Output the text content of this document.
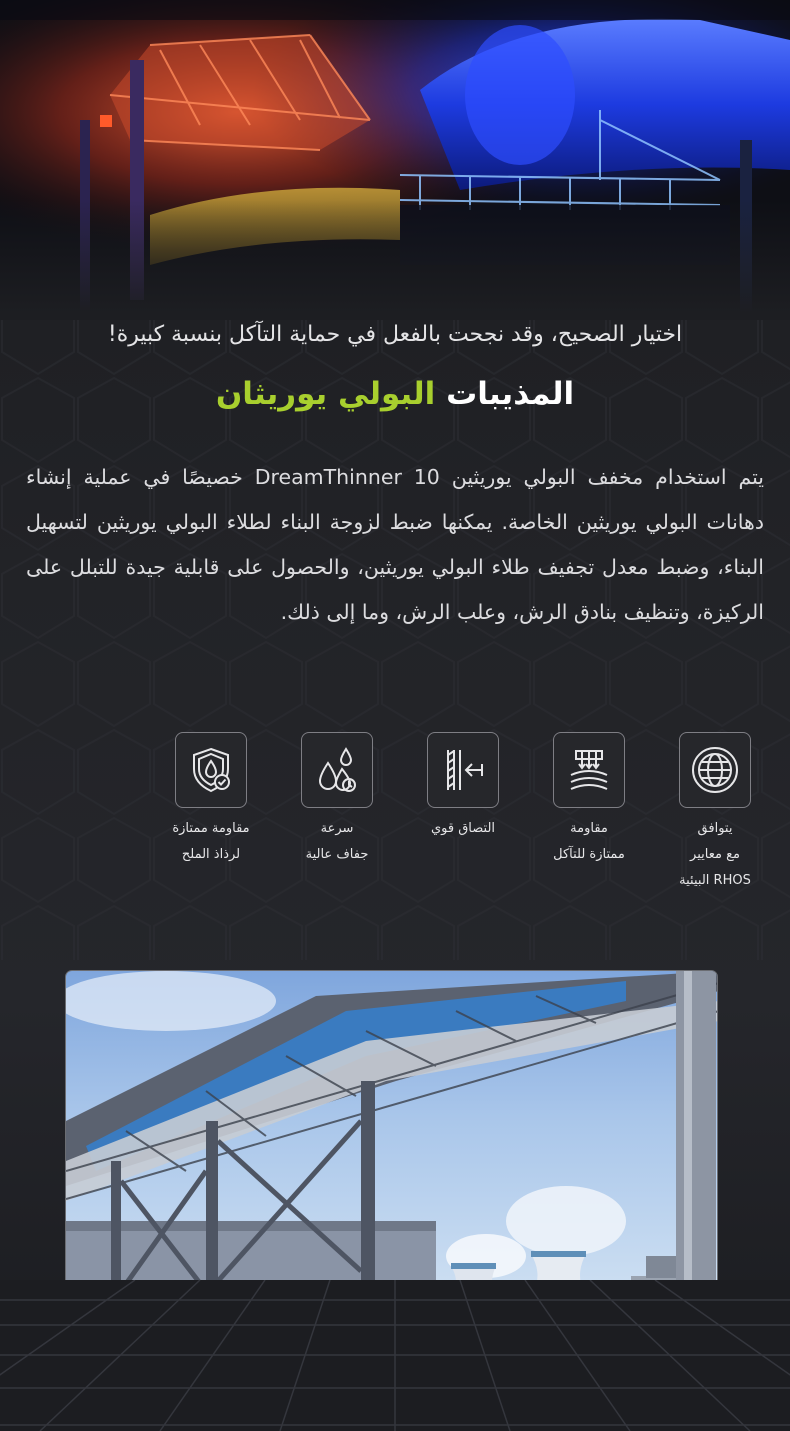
اختيار الصحيح، وقد نجحت بالفعل في حماية التآكل بنسبة كبيرة!
المذيبات البولي يوريثان
يتم استخدام مخفف البولي يوريثين DreamThinner 10 خصيصًا في عملية إنشاء دهانات البولي يوريثين الخاصة. يمكنها ضبط لزوجة البناء لطلاء البولي يوريثين لتسهيل البناء، وضبط معدل تجفيف طلاء البولي يوريثين، والحصول على قابلية جيدة للتبلل على الركيزة، وتنظيف بنادق الرش، وعلب الرش، وما إلى ذلك.
يتوافق
مع معايير
RHOS البيئية
مقاومة
ممتازة للتآكل
التصاق قوي
سرعة
جفاف عالية
مقاومة ممتازة
لرذاذ الملح
